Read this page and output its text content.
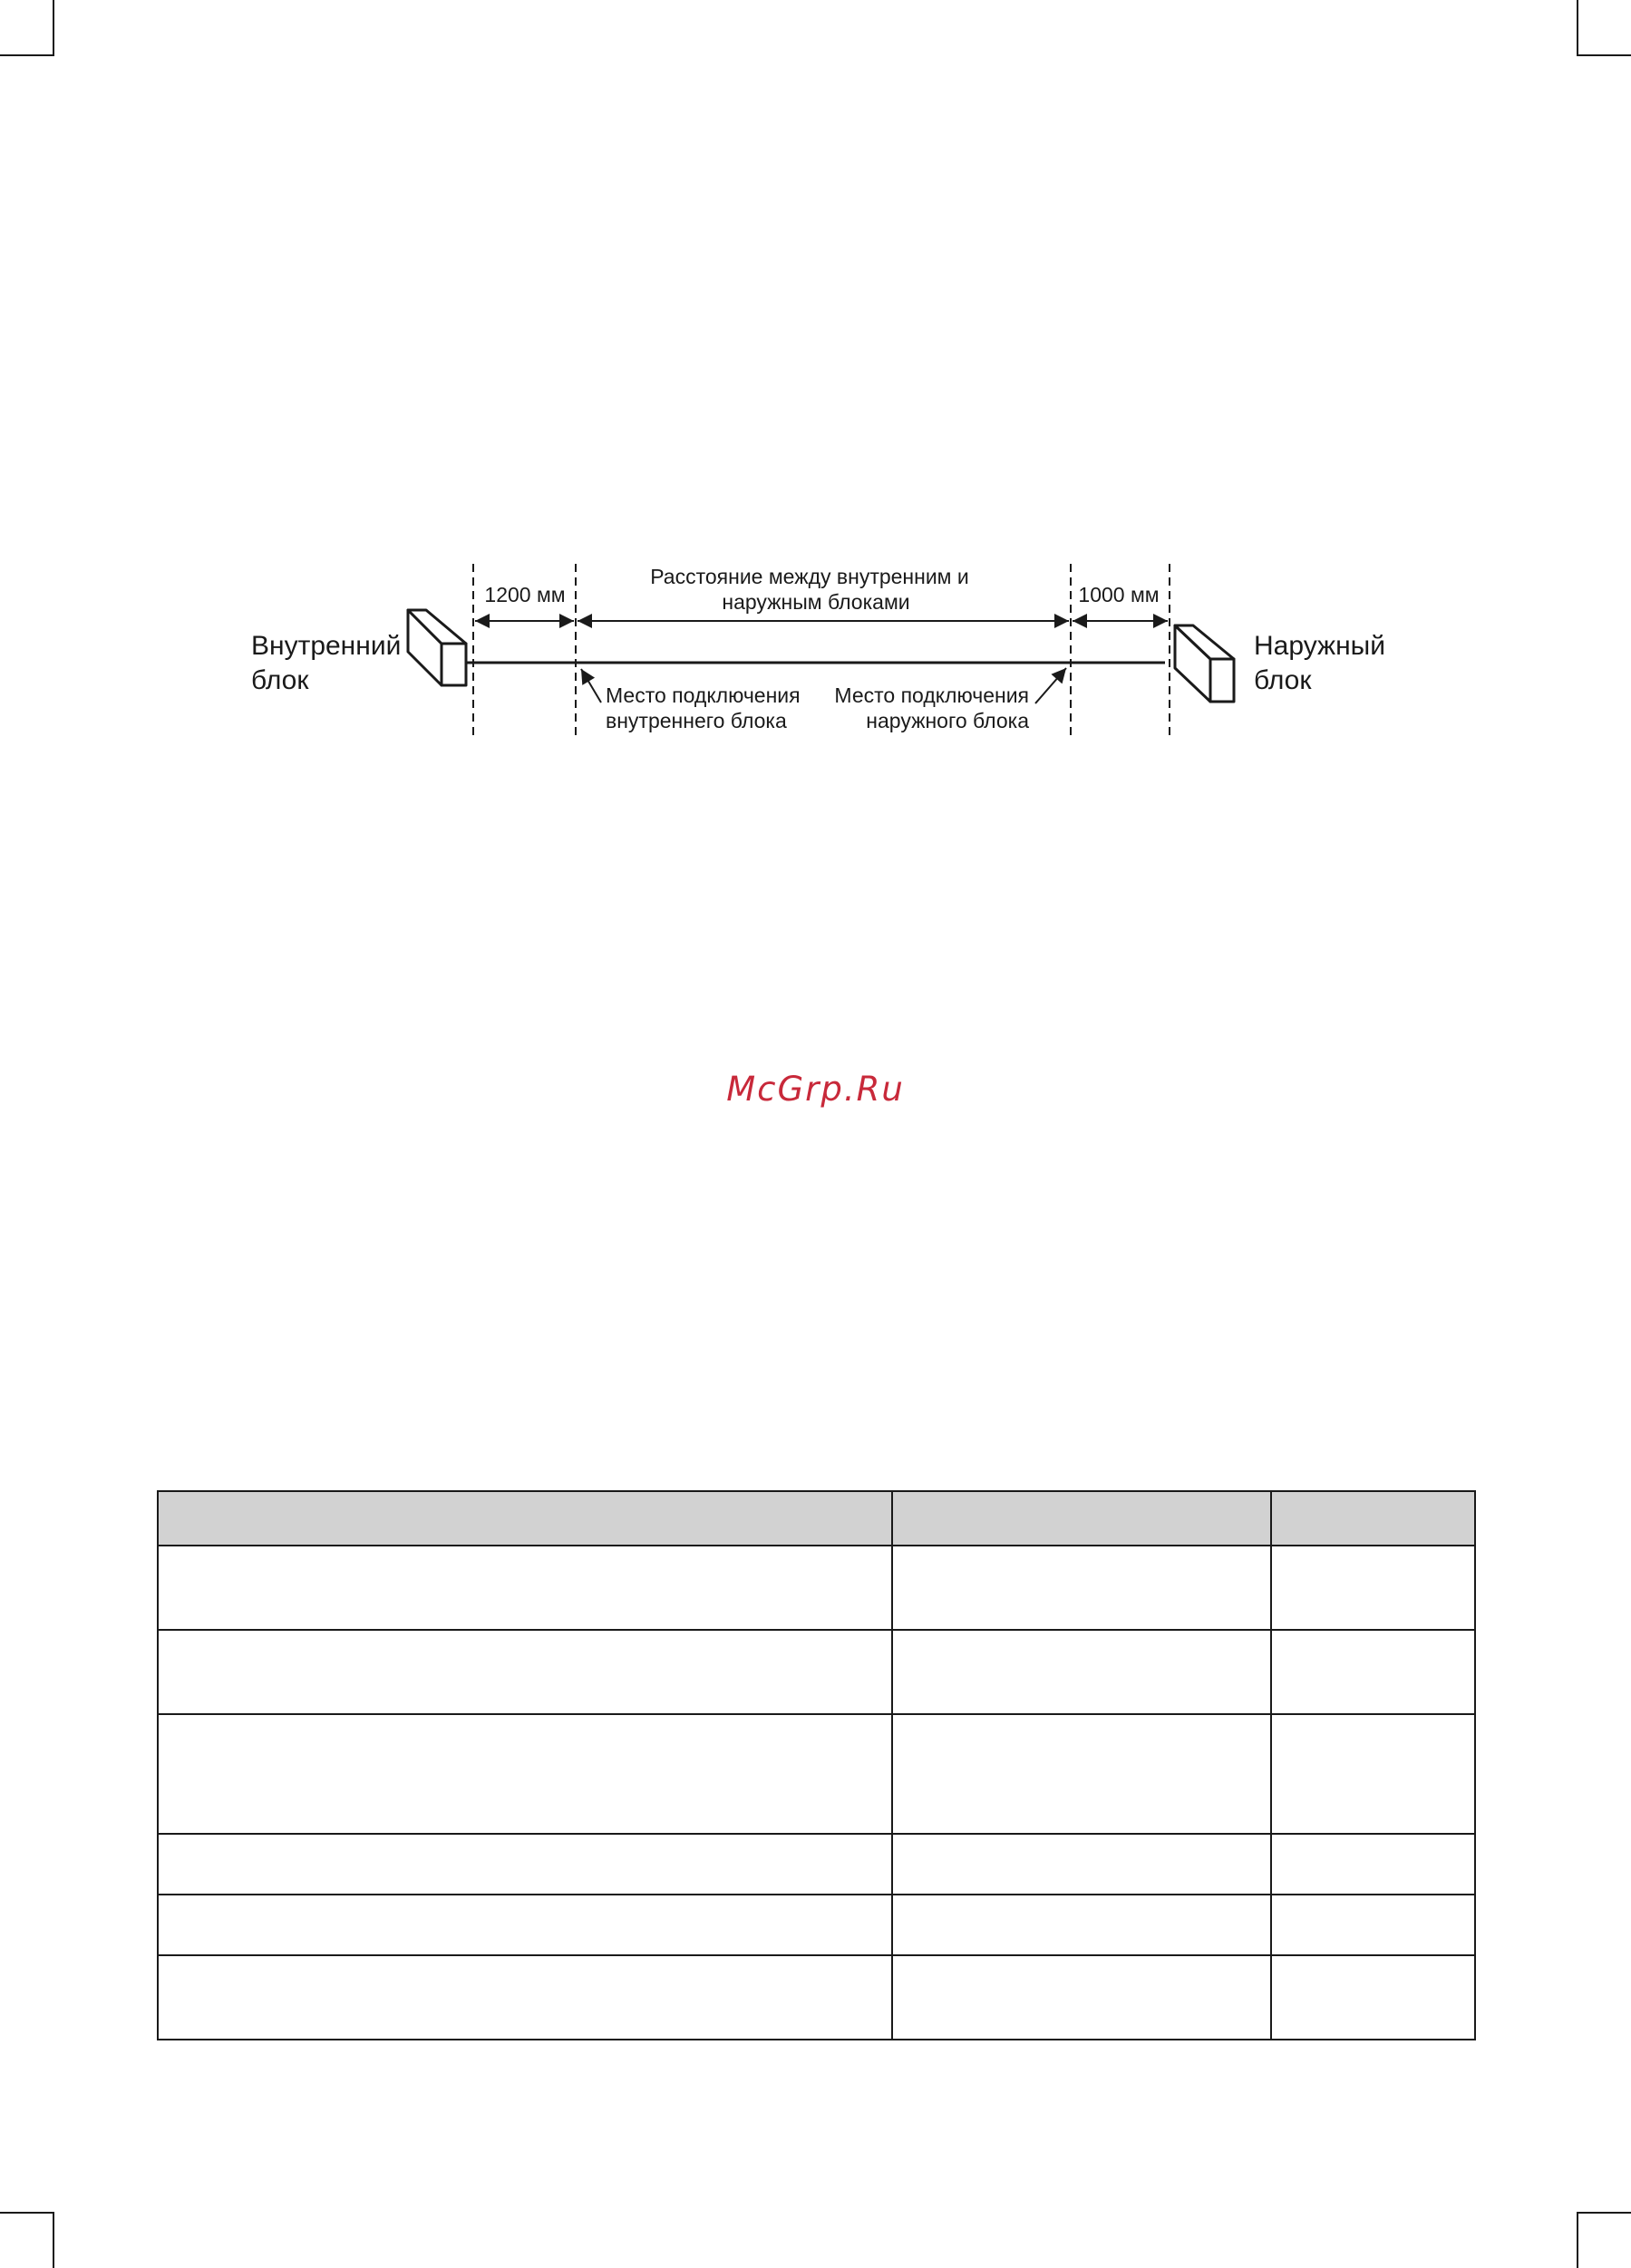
Внутренний
блок
Наружный
блок
1200 мм	1000 мм
Расстояние между внутренним и
наружным блоками
Место подключения
внутреннего блока
Место подключения
наружного блока
McGrp.Ru
